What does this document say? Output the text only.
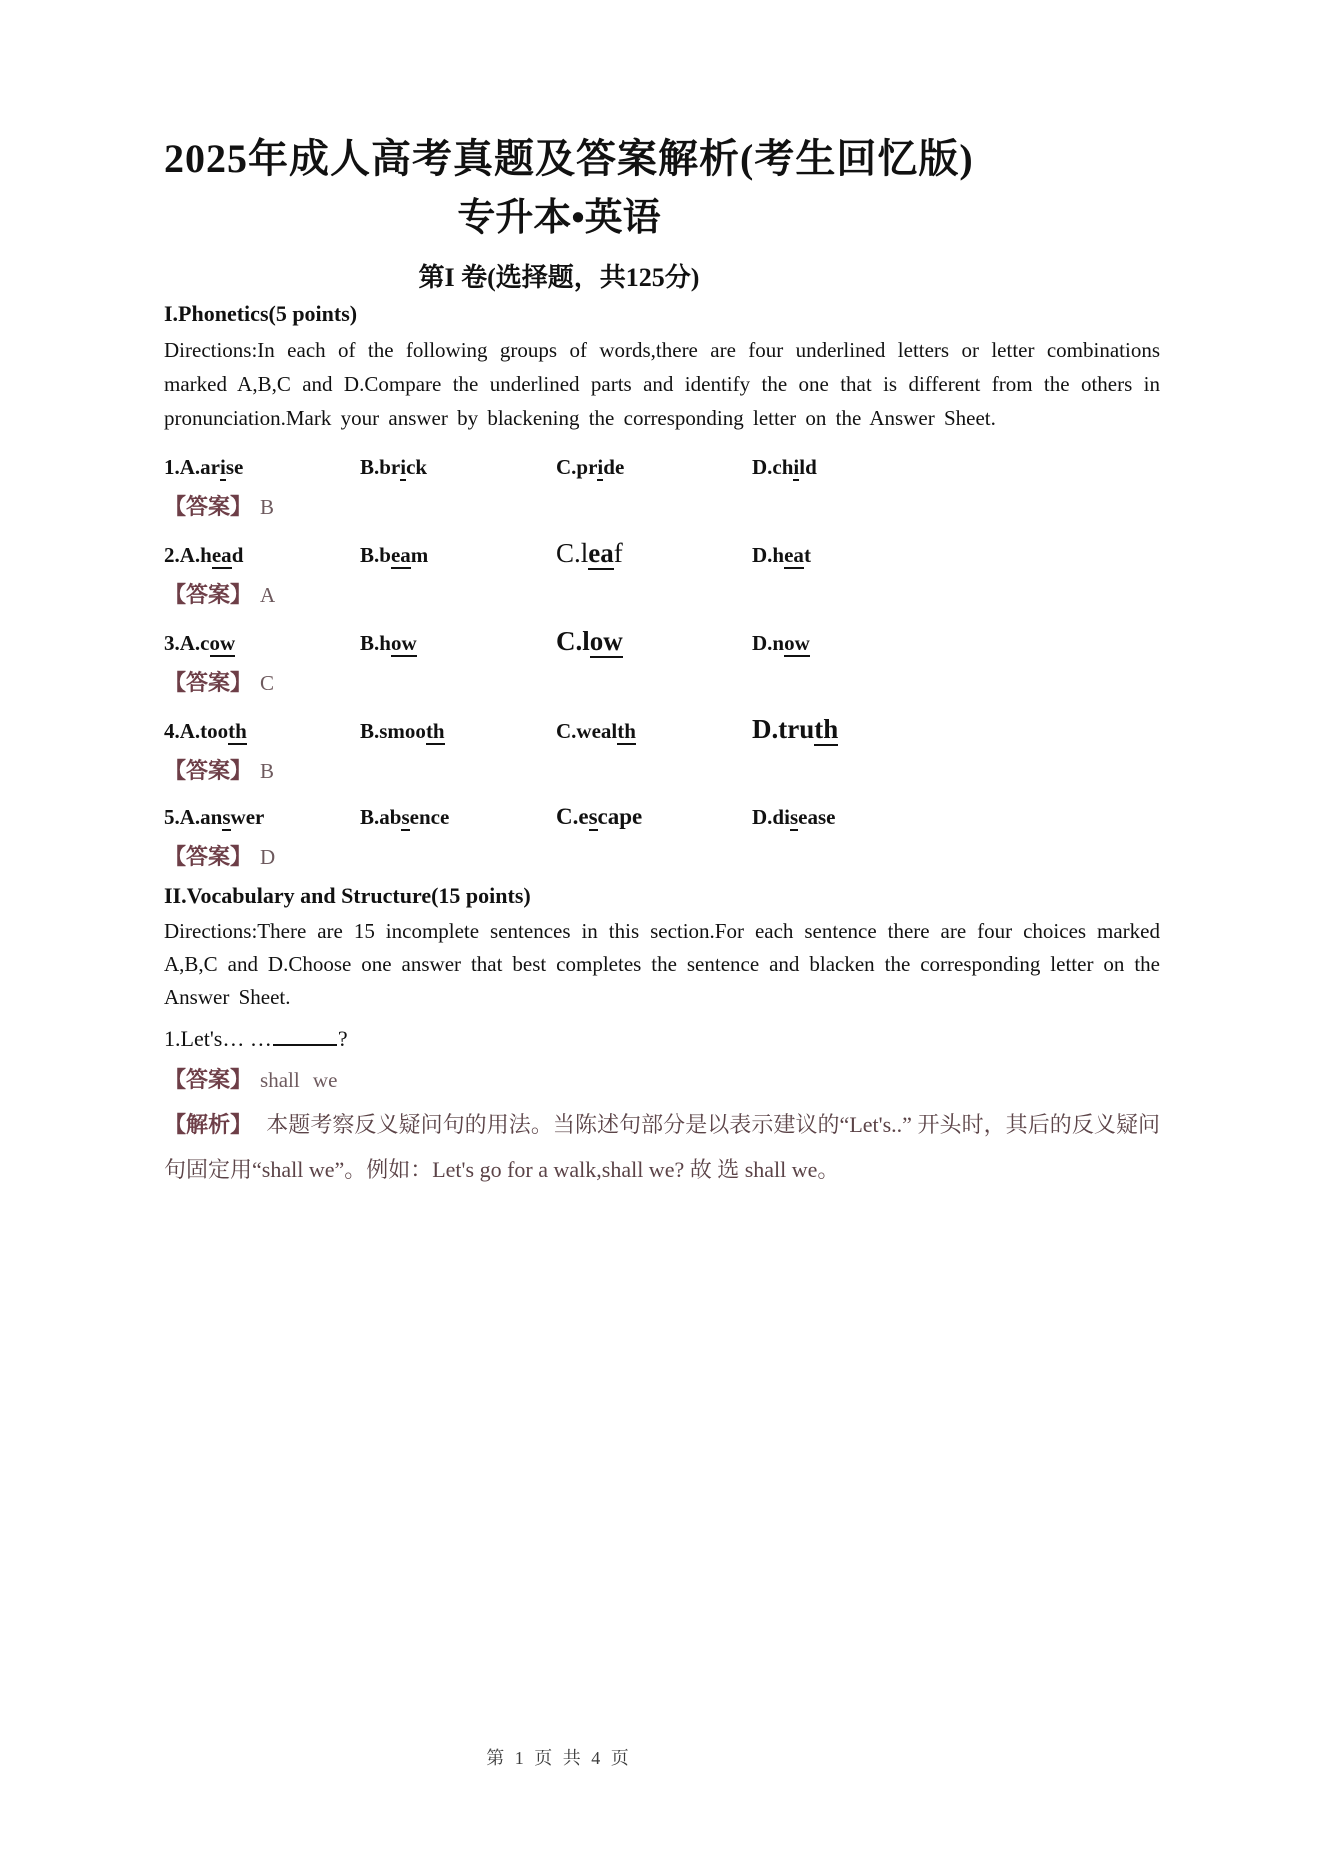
2025年成人高考真题及答案解析(考生回忆版)
专升本•英语
第I 卷(选择题，共125分)
I.Phonetics(5 points)
Directions:In each of the following groups of words,there are four underlined letters or letter combinations marked A,B,C and D.Compare the underlined parts and identify the one that is different from the others in pronunciation.Mark your answer by blackening the corresponding letter on the Answer Sheet.
1.A.arise	B.brick	C.pride	D.child
【答案】 B
2.A.head	B.beam	C.leaf	D.heat
【答案】 A
3.A.cow	B.how	C.low	D.now
【答案】 C
4.A.tooth	B.smooth	C.wealth	D.truth
【答案】 B
5.A.answer	B.absence	C.escape	D.disease
【答案】 D
II.Vocabulary and Structure(15 points)
Directions:There are 15 incomplete sentences in this section.For each sentence there are four choices marked A,B,C and D.Choose one answer that best completes the sentence and blacken the corresponding letter on the Answer Sheet.
1.Let's… …	?
【答案】 shall we
【解析】 本题考察反义疑问句的用法。当陈述句部分是以表示建议的“Let's..” 开头时，其后的反义疑问句固定用“shall we”。例如：Let's go for a walk,shall we? 故 选 shall we。
第 1 页 共 4 页
